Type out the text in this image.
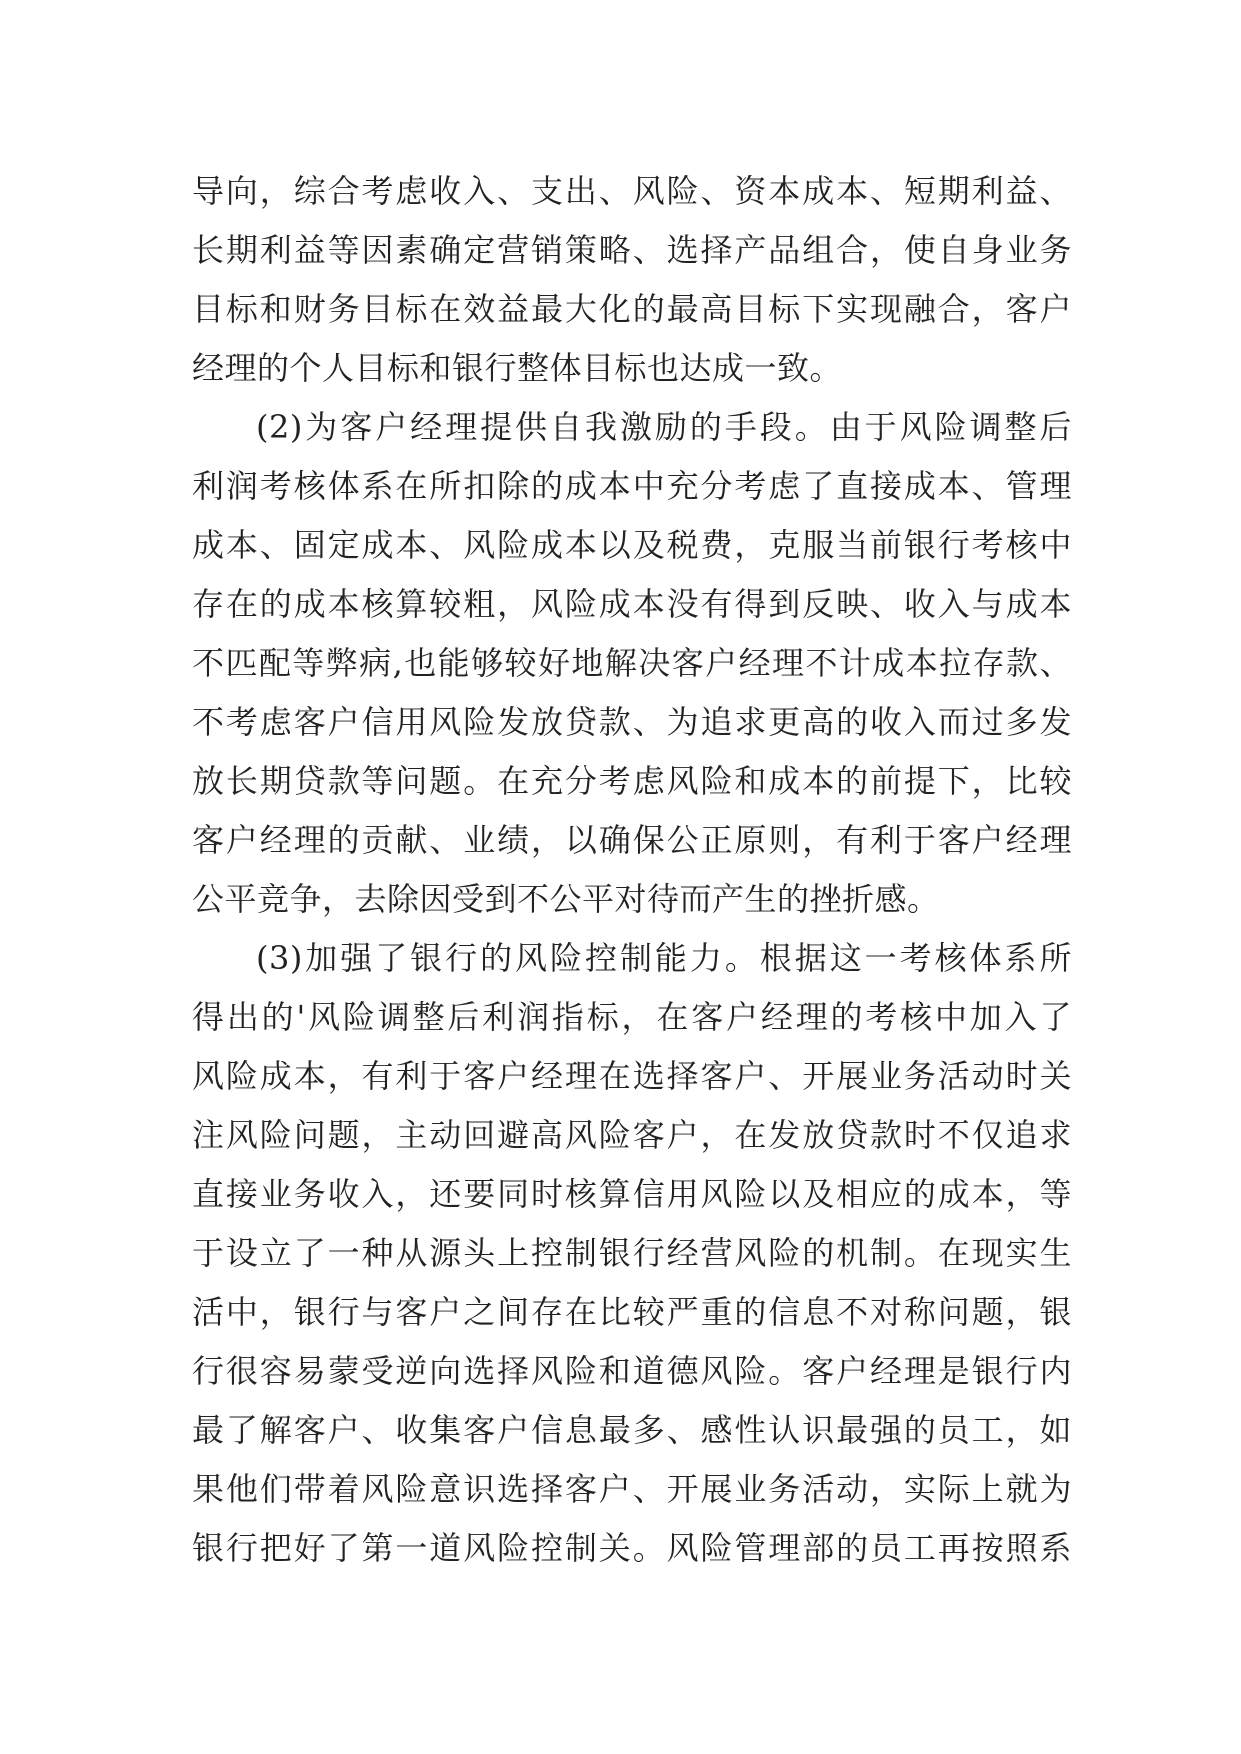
导向，综合考虑收入、支出、风险、资本成本、短期利益、
长期利益等因素确定营销策略、选择产品组合，使自身业务
目标和财务目标在效益最大化的最高目标下实现融合，客户
经理的个人目标和银行整体目标也达成一致。
(2)为客户经理提供自我激励的手段。由于风险调整后
利润考核体系在所扣除的成本中充分考虑了直接成本、管理
成本、固定成本、风险成本以及税费，克服当前银行考核中
存在的成本核算较粗，风险成本没有得到反映、收入与成本
不匹配等弊病,也能够较好地解决客户经理不计成本拉存款、
不考虑客户信用风险发放贷款、为追求更高的收入而过多发
放长期贷款等问题。在充分考虑风险和成本的前提下，比较
客户经理的贡献、业绩，以确保公正原则，有利于客户经理
公平竞争，去除因受到不公平对待而产生的挫折感。
(3)加强了银行的风险控制能力。根据这一考核体系所
得出的'风险调整后利润指标，在客户经理的考核中加入了
风险成本，有利于客户经理在选择客户、开展业务活动时关
注风险问题，主动回避高风险客户，在发放贷款时不仅追求
直接业务收入，还要同时核算信用风险以及相应的成本，等
于设立了一种从源头上控制银行经营风险的机制。在现实生
活中，银行与客户之间存在比较严重的信息不对称问题，银
行很容易蒙受逆向选择风险和道德风险。客户经理是银行内
最了解客户、收集客户信息最多、感性认识最强的员工，如
果他们带着风险意识选择客户、开展业务活动，实际上就为
银行把好了第一道风险控制关。风险管理部的员工再按照系
